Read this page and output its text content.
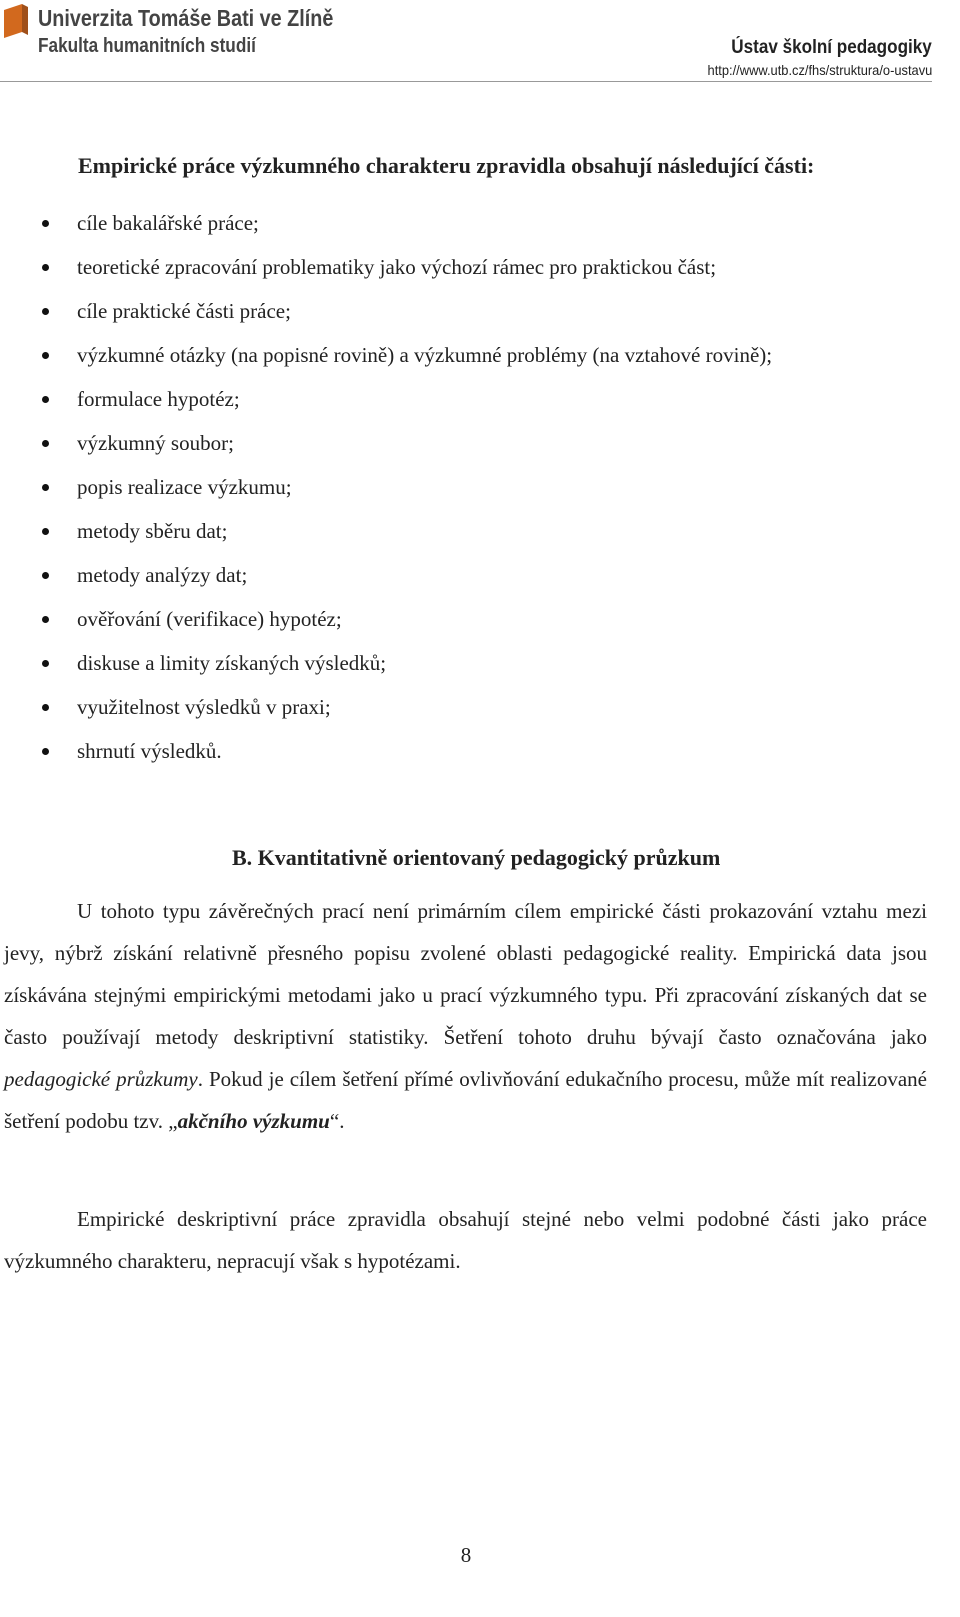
Univerzita Tomáše Bati ve Zlíně
Fakulta humanitních studií	Ústav školní pedagogiky
http://www.utb.cz/fhs/struktura/o-ustavu
Empirické práce výzkumného charakteru zpravidla obsahují následující části:
cíle bakalářské práce;
teoretické zpracování problematiky jako výchozí rámec pro praktickou část;
cíle praktické části práce;
výzkumné otázky (na popisné rovině) a výzkumné problémy (na vztahové rovině);
formulace hypotéz;
výzkumný soubor;
popis realizace výzkumu;
metody sběru dat;
metody analýzy dat;
ověřování (verifikace) hypotéz;
diskuse a limity získaných výsledků;
využitelnost výsledků v praxi;
shrnutí výsledků.
B. Kvantitativně orientovaný pedagogický průzkum

U tohoto typu závěrečných prací není primárním cílem empirické části prokazování vztahu mezi jevy, nýbrž získání relativně přesného popisu zvolené oblasti pedagogické reality. Empirická data jsou získávána stejnými empirickými metodami jako u prací výzkumného typu. Při zpracování získaných dat se často používají metody deskriptivní statistiky. Šetření tohoto druhu bývají často označována jako pedagogické průzkumy. Pokud je cílem šetření přímé ovlivňování edukačního procesu, může mít realizované šetření podobu tzv. „akčního výzkumu“.

Empirické deskriptivní práce zpravidla obsahují stejné nebo velmi podobné části jako práce výzkumného charakteru, nepracují však s hypotézami.

8
